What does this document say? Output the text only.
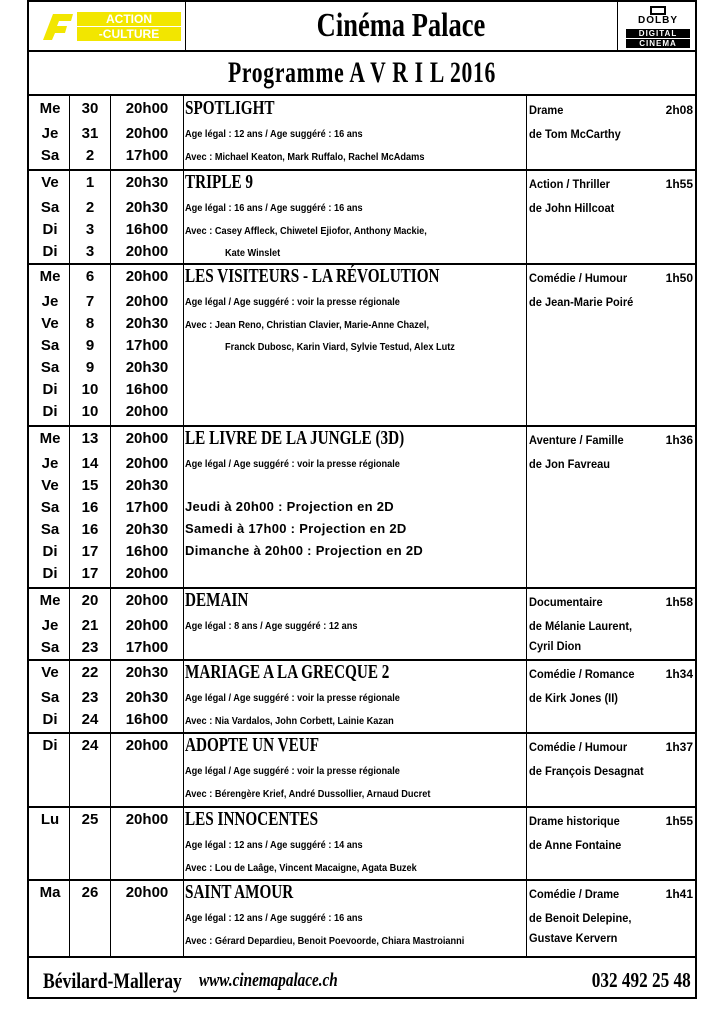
ACTION
-CULTURE	Cinéma Palace	DOLBY
DIGITAL
CINEMA
Programme A V R I L 2016
Me	30	20h00
Je	31	20h00
Sa	2	17h00
SPOTLIGHT
Age légal : 12 ans / Age suggéré : 16 ans
Avec : Michael Keaton, Mark Ruffalo, Rachel McAdams
Drame	2h08
de Tom McCarthy
Ve	1	20h30
Sa	2	20h30
Di	3	16h00
Di	3	20h00
TRIPLE 9
Age légal : 16 ans / Age suggéré : 16 ans
Avec : Casey Affleck, Chiwetel Ejiofor, Anthony Mackie,
Kate Winslet
Action / Thriller	1h55
de John Hillcoat
Me	6	20h00
Je	7	20h00
Ve	8	20h30
Sa	9	17h00
Sa	9	20h30
Di	10	16h00
Di	10	20h00
LES VISITEURS - LA RÉVOLUTION
Age légal / Age suggéré : voir la presse régionale
Avec : Jean Reno, Christian Clavier, Marie-Anne Chazel,
Franck Dubosc, Karin Viard, Sylvie Testud, Alex Lutz
Comédie / Humour	1h50
de Jean-Marie Poiré
Me	13	20h00
Je	14	20h00
Ve	15	20h30
Sa	16	17h00
Sa	16	20h30
Di	17	16h00
Di	17	20h00
LE LIVRE DE LA JUNGLE (3D)
Age légal / Age suggéré : voir la presse régionale
Jeudi à 20h00 : Projection en 2D
Samedi à 17h00 : Projection en 2D
Dimanche à 20h00 : Projection en 2D
Aventure / Famille	1h36
de Jon Favreau
Me	20	20h00
Je	21	20h00
Sa	23	17h00
DEMAIN
Age légal : 8 ans / Age suggéré : 12 ans
Documentaire	1h58
de Mélanie Laurent,
Cyril Dion
Ve	22	20h30
Sa	23	20h30
Di	24	16h00
MARIAGE A LA GRECQUE 2
Age légal / Age suggéré : voir la presse régionale
Avec : Nia Vardalos, John Corbett, Lainie Kazan
Comédie / Romance	1h34
de Kirk Jones (II)
Di	24	20h00 ADOPTE UN VEUF
Age légal / Age suggéré : voir la presse régionale
Avec : Bérengère Krief, André Dussollier, Arnaud Ducret
Comédie / Humour	1h37
de François Desagnat
Lu	25	20h00 LES INNOCENTES
Age légal : 12 ans / Age suggéré : 14 ans
Avec : Lou de Laâge, Vincent Macaigne, Agata Buzek
Drame historique	1h55
de Anne Fontaine
Ma	26	20h00 SAINT AMOUR
Age légal : 12 ans / Age suggéré : 16 ans
Avec : Gérard Depardieu, Benoit Poevoorde, Chiara Mastroianni
Comédie / Drame	1h41
de Benoit Delepine,
Gustave Kervern
Bévilard-Malleray www.cinemapalace.ch	032 492 25 48
